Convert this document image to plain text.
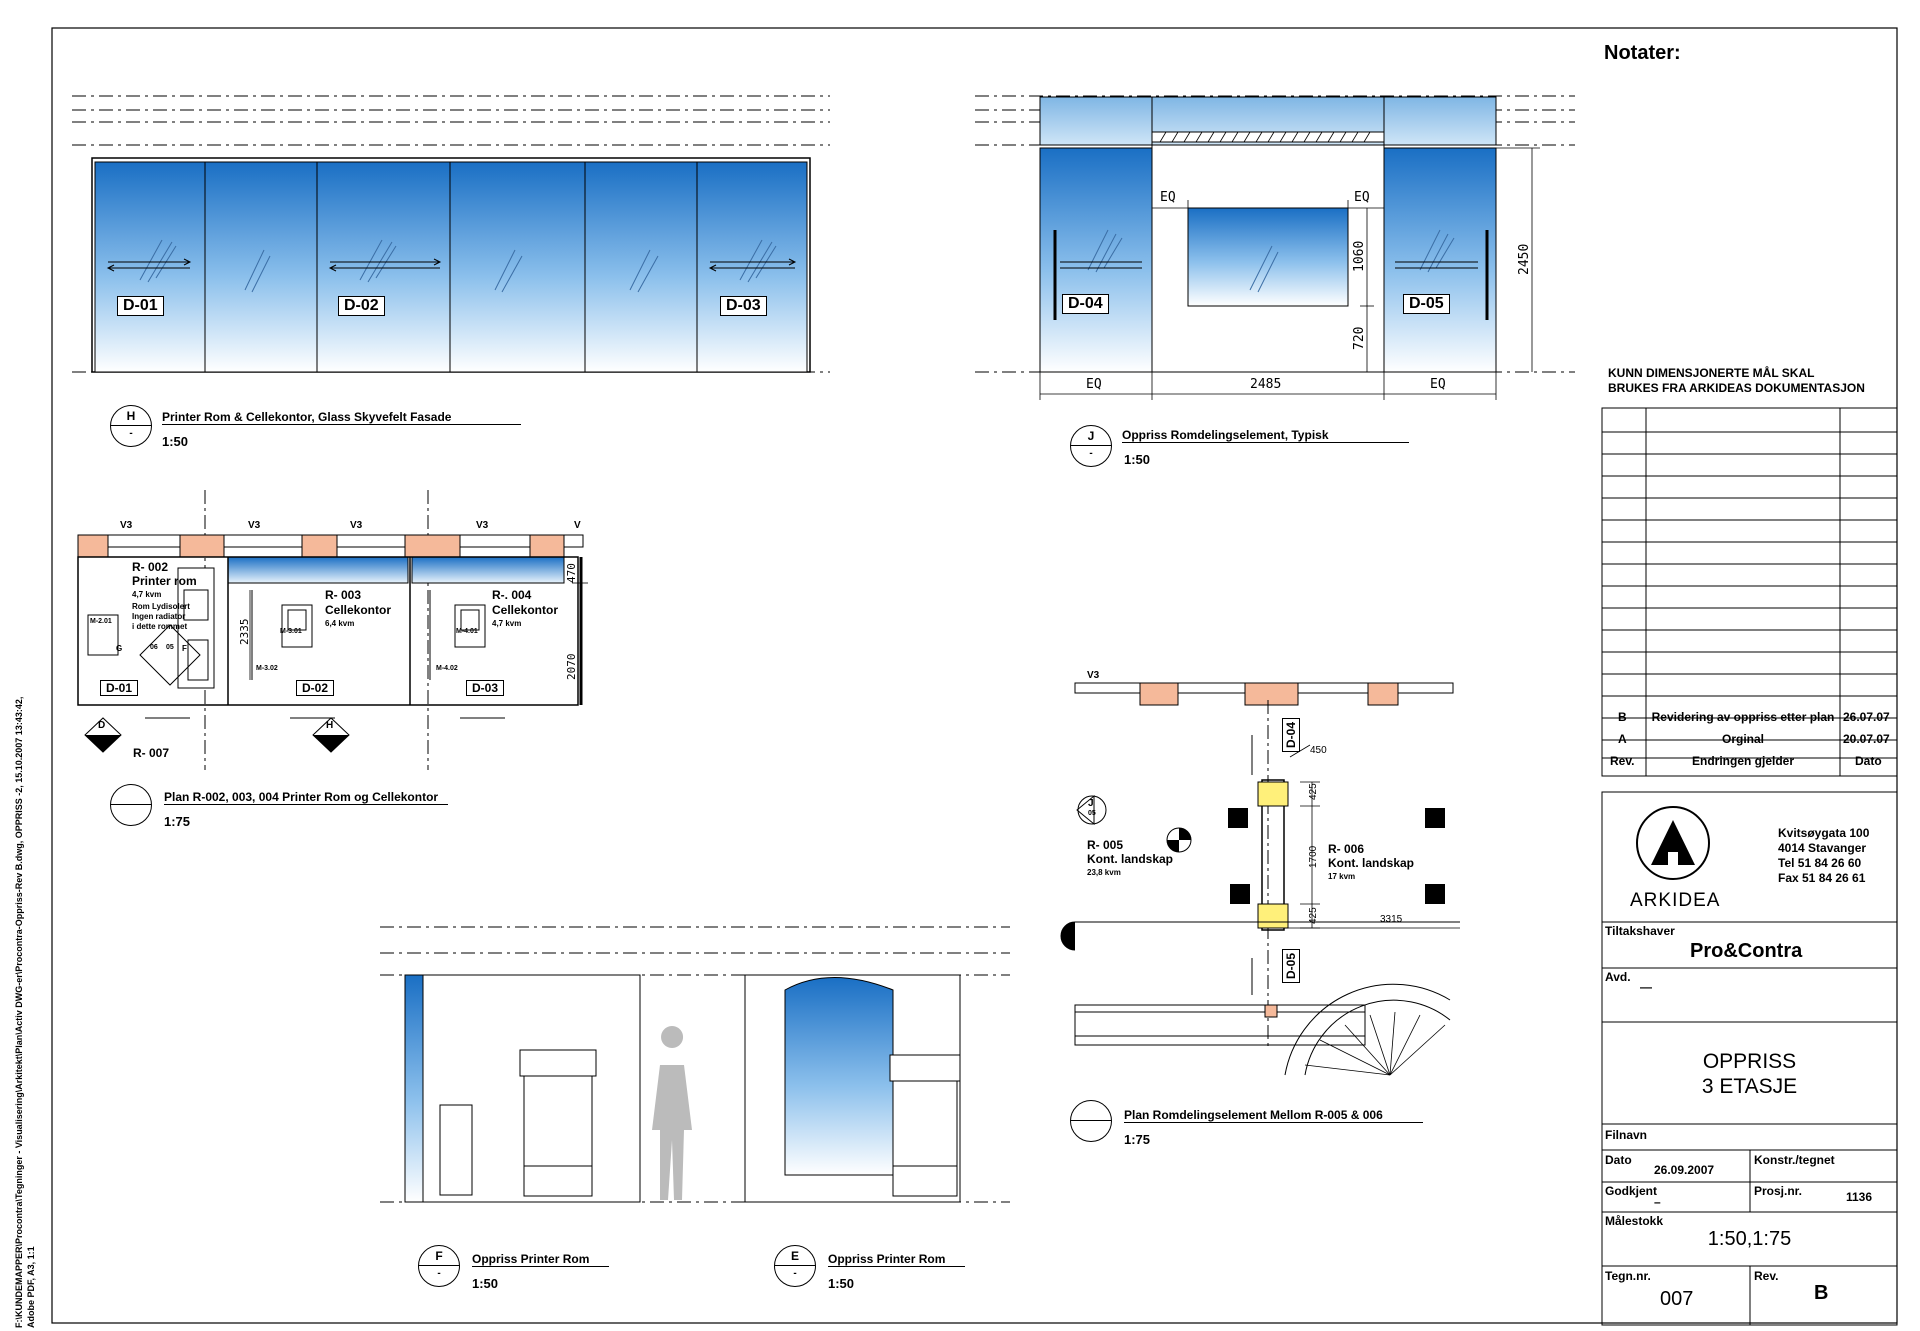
Notater:
KUNN DIMENSJONERTE MÅL SKAL
BRUKES FRA ARKIDEAS DOKUMENTASJON
H
-
Printer Rom & Cellekontor, Glass Skyvefelt Fasade
1:50
D-01	D-02	D-03
J
-
Oppriss Romdelingselement, Typisk
1:50
D-04	D-05
EQ	EQ
EQ	2485	EQ
1060
720
2450
V3	V3	V3	V3	V
R- 002
Printer rom
4,7 kvm
Rom Lydisolert
Ingen radiator
i dette rommet
M-2.01
G	06 05 F
R- 003
Cellekontor
6,4 kvm
M-3.01
M-3.02
R-. 004
Cellekontor
4,7 kvm
M-4.01
M-4.02
D-01	D-02	D-03
470
2070
2335
D	H
R- 007
Plan R-002, 003, 004 Printer Rom og Cellekontor
1:75
V3
R- 005
Kont. landskap
23,8 kvm
R- 006
Kont. landskap
17 kvm
J
05
D-04
D-05
450
425
1700
425	3315
Plan Romdelingselement Mellom R-005 & 006
1:75
F
-
Oppriss Printer Rom
1:50
E
-
Oppriss Printer Rom
1:50
B Revidering av oppriss etter plan 26.07.07
A	Orginal	20.07.07
Rev.	Endringen gjelder	Dato
ARKIDEA
Kvitsøygata 100
4014 Stavanger
Tel 51 84 26 60
Fax 51 84 26 61
Tiltakshaver
Pro&Contra
Avd.
—
OPPRISS
3 ETASJE
Filnavn
Dato
26.09.2007
Konstr./tegnet
Godkjent
–
Prosj.nr.	1136
Målestokk
1:50,1:75
Tegn.nr.
007
Rev.
B
F:\KUNDEMAPPER\Procontra\Tegninger - Visualisering\Arkitekt\Plan\Activ DWG-er\Procontra-Oppriss-Rev B.dwg, OPPRISS -2, 15.10.2007 13:43:42, Adobe PDF, A3, 1:1
